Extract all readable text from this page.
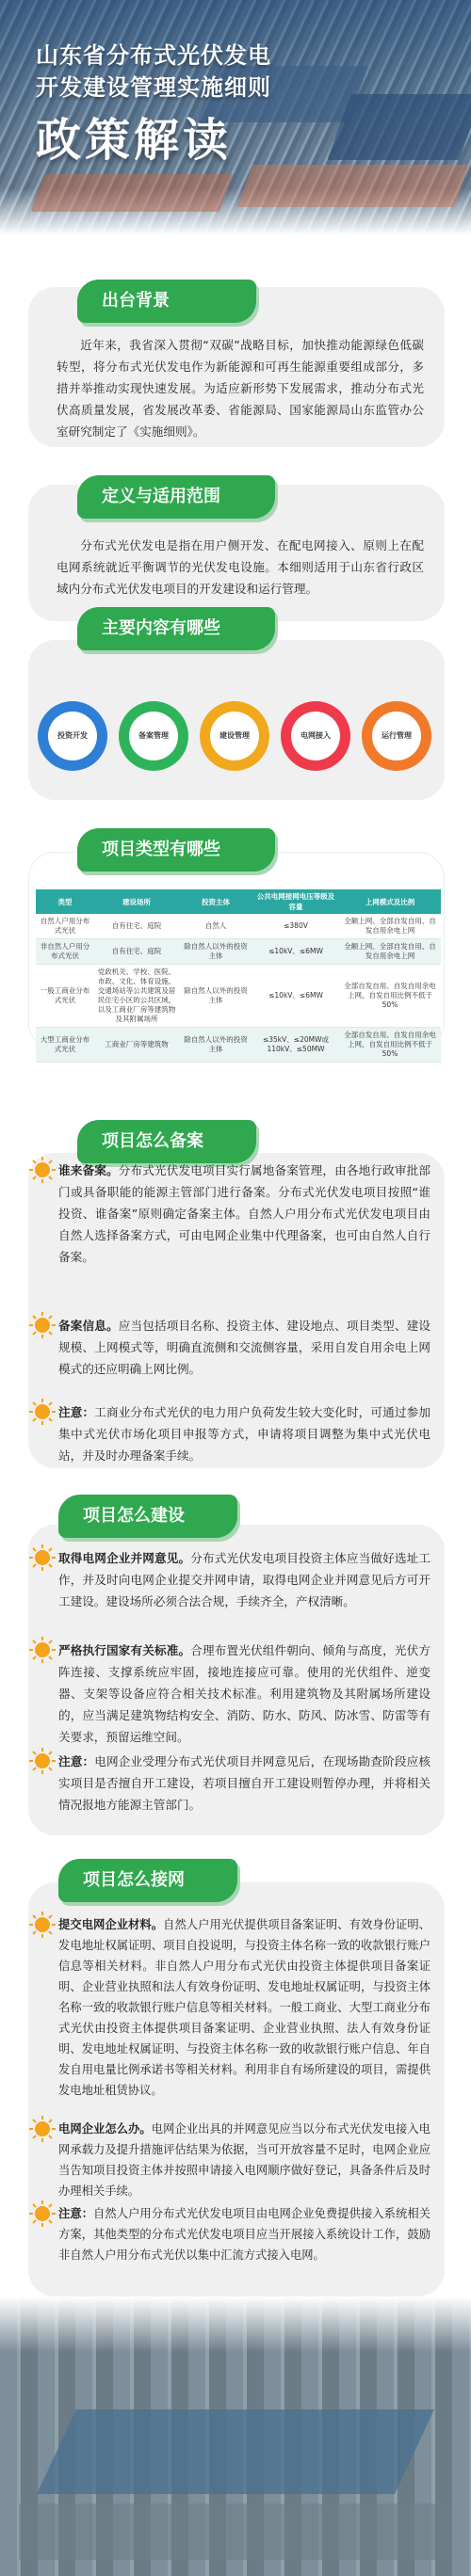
山东省分布式光伏发电
开发建设管理实施细则
政策解读
出台背景
近年来，我省深入贯彻“双碳”战略目标，加快推动能源绿色低碳转型，将分布式光伏发电作为新能源和可再生能源重要组成部分，多措并举推动实现快速发展。为适应新形势下发展需求，推动分布式光伏高质量发展，省发展改革委、省能源局、国家能源局山东监管办公室研究制定了《实施细则》。
定义与适用范围
分布式光伏发电是指在用户侧开发、在配电网接入、原则上在配电网系统就近平衡调节的光伏发电设施。本细则适用于山东省行政区域内分布式光伏发电项目的开发建设和运行管理。
主要内容有哪些
投资开发	备案管理	建设管理	电网接入	运行管理
项目类型有哪些
类型	建设场所	投资主体	公共电网接网电压等级及容量	上网模式及比例
自然人户用分布式光伏	自有住宅、庭院	自然人	≤380V	全额上网、全部自发自用、自发自用余电上网
非自然人户用分布式光伏	自有住宅、庭院	除自然人以外的投资主体	≤10kV、≤6MW	全额上网、全部自发自用、自发自用余电上网
一般工商业分布式光伏	党政机关、学校、医院、市政、文化、体育设施、交通场站等公共建筑及居民住宅小区的公共区域，以及工商业厂房等建筑物及其附属场所	除自然人以外的投资主体	≤10kV、≤6MW	全部自发自用、自发自用余电上网，自发自用比例不低于50%
大型工商业分布式光伏	工商业厂房等建筑物	除自然人以外的投资主体	≤35kV、≤20MW或110kV、≤50MW	全部自发自用、自发自用余电上网，自发自用比例不低于50%
项目怎么备案
谁来备案。分布式光伏发电项目实行属地备案管理，由各地行政审批部门或具备职能的能源主管部门进行备案。分布式光伏发电项目按照“谁投资、谁备案”原则确定备案主体。自然人户用分布式光伏发电项目由自然人选择备案方式，可由电网企业集中代理备案，也可由自然人自行备案。
备案信息。应当包括项目名称、投资主体、建设地点、项目类型、建设规模、上网模式等，明确直流侧和交流侧容量，采用自发自用余电上网模式的还应明确上网比例。
注意：工商业分布式光伏的电力用户负荷发生较大变化时，可通过参加集中式光伏市场化项目申报等方式，申请将项目调整为集中式光伏电站，并及时办理备案手续。
项目怎么建设
取得电网企业并网意见。分布式光伏发电项目投资主体应当做好选址工作，并及时向电网企业提交并网申请，取得电网企业并网意见后方可开工建设。建设场所必须合法合规，手续齐全，产权清晰。
严格执行国家有关标准。合理布置光伏组件朝向、倾角与高度，光伏方阵连接、支撑系统应牢固，接地连接应可靠。使用的光伏组件、逆变器、支架等设备应符合相关技术标准。利用建筑物及其附属场所建设的，应当满足建筑物结构安全、消防、防水、防风、防冰雪、防雷等有关要求，预留运维空间。
注意：电网企业受理分布式光伏项目并网意见后，在现场勘查阶段应核实项目是否擅自开工建设，若项目擅自开工建设则暂停办理，并将相关情况报地方能源主管部门。
项目怎么接网
提交电网企业材料。自然人户用光伏提供项目备案证明、有效身份证明、发电地址权属证明、项目自投说明，与投资主体名称一致的收款银行账户信息等相关材料。非自然人户用分布式光伏由投资主体提供项目备案证明、企业营业执照和法人有效身份证明、发电地址权属证明，与投资主体名称一致的收款银行账户信息等相关材料。一般工商业、大型工商业分布式光伏由投资主体提供项目备案证明、企业营业执照、法人有效身份证明、发电地址权属证明、与投资主体名称一致的收款银行账户信息、年自发自用电量比例承诺书等相关材料。利用非自有场所建设的项目，需提供发电地址租赁协议。
电网企业怎么办。电网企业出具的并网意见应当以分布式光伏发电接入电网承载力及提升措施评估结果为依据，当可开放容量不足时，电网企业应当告知项目投资主体并按照申请接入电网顺序做好登记，具备条件后及时办理相关手续。
注意：自然人户用分布式光伏发电项目由电网企业免费提供接入系统相关方案，其他类型的分布式光伏发电项目应当开展接入系统设计工作，鼓励非自然人户用分布式光伏以集中汇流方式接入电网。
